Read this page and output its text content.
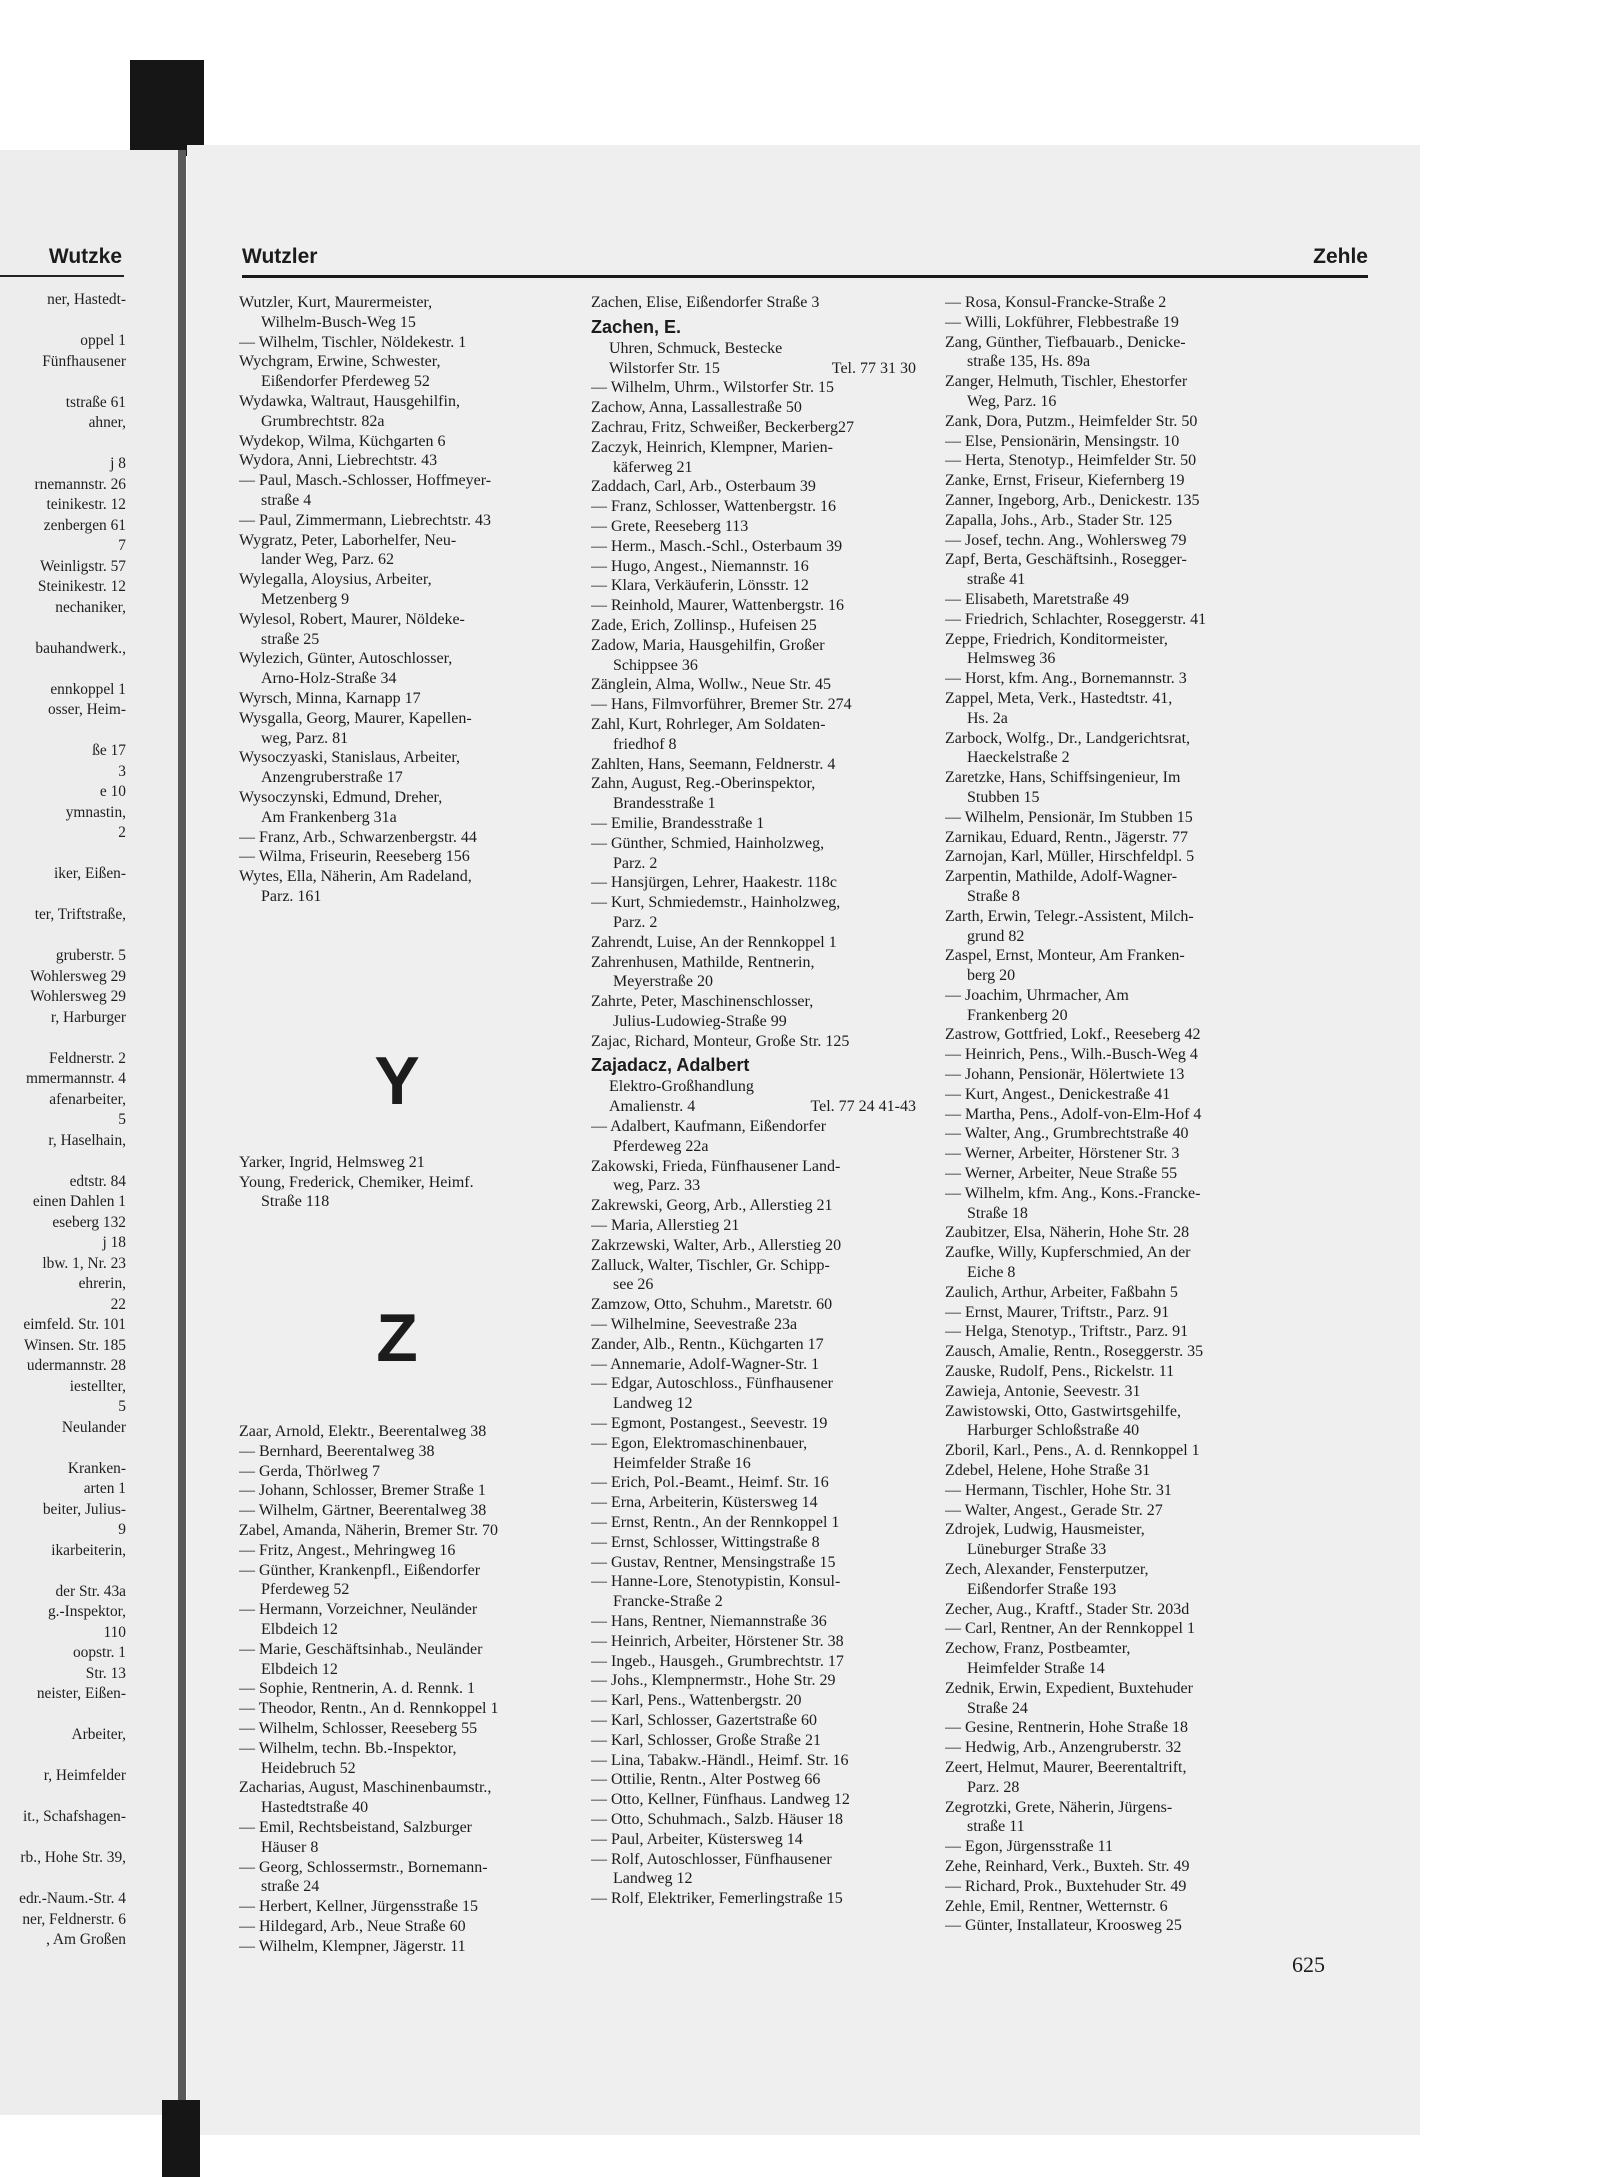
Wutzke
ner, Hastedt-
oppel 1
Fünfhausener
tstraße 61
ahner,
j 8
rnemannstr. 26
teinikestr. 12
zenbergen 61
7
Weinligstr. 57
Steinikestr. 12
nechaniker,
bauhandwerk.,
ennkoppel 1
osser, Heim-
ße 17
3
e 10
ymnastin,
2
iker, Eißen-
ter, Triftstraße,
gruberstr. 5
Wohlersweg 29
Wohlersweg 29
r, Harburger
Feldnerstr. 2
mmermannstr. 4
afenarbeiter,
5
r, Haselhain,
edtstr. 84
einen Dahlen 1
eseberg 132
j 18
lbw. 1, Nr. 23
ehrerin,
22
eimfeld. Str. 101
Winsen. Str. 185
udermannstr. 28
iestellter,
5
Neulander
Kranken-
arten 1
beiter, Julius-
9
ikarbeiterin,
der Str. 43a
g.-Inspektor,
110
oopstr. 1
Str. 13
neister, Eißen-
Arbeiter,
r, Heimfelder
it., Schafshagen-
rb., Hohe Str. 39,
edr.-Naum.-Str. 4
ner, Feldnerstr. 6
, Am Großen
Wutzler	Zehle
Wutzler, Kurt, Maurermeister,
Wilhelm-Busch-Weg 15
— Wilhelm, Tischler, Nöldekestr. 1
Wychgram, Erwine, Schwester,
Eißendorfer Pferdeweg 52
Wydawka, Waltraut, Hausgehilfin,
Grumbrechtstr. 82a
Wydekop, Wilma, Küchgarten 6
Wydora, Anni, Liebrechtstr. 43
— Paul, Masch.-Schlosser, Hoffmeyer-
straße 4
— Paul, Zimmermann, Liebrechtstr. 43
Wygratz, Peter, Laborhelfer, Neu-
lander Weg, Parz. 62
Wylegalla, Aloysius, Arbeiter,
Metzenberg 9
Wylesol, Robert, Maurer, Nöldeke-
straße 25
Wylezich, Günter, Autoschlosser,
Arno-Holz-Straße 34
Wyrsch, Minna, Karnapp 17
Wysgalla, Georg, Maurer, Kapellen-
weg, Parz. 81
Wysoczyaski, Stanislaus, Arbeiter,
Anzengruberstraße 17
Wysoczynski, Edmund, Dreher,
Am Frankenberg 31a
— Franz, Arb., Schwarzenbergstr. 44
— Wilma, Friseurin, Reeseberg 156
Wytes, Ella, Näherin, Am Radeland,
Parz. 161
Y
Yarker, Ingrid, Helmsweg 21
Young, Frederick, Chemiker, Heimf.
Straße 118
Z
Zaar, Arnold, Elektr., Beerentalweg 38
— Bernhard, Beerentalweg 38
— Gerda, Thörlweg 7
— Johann, Schlosser, Bremer Straße 1
— Wilhelm, Gärtner, Beerentalweg 38
Zabel, Amanda, Näherin, Bremer Str. 70
— Fritz, Angest., Mehringweg 16
— Günther, Krankenpfl., Eißendorfer
Pferdeweg 52
— Hermann, Vorzeichner, Neuländer
Elbdeich 12
— Marie, Geschäftsinhab., Neuländer
Elbdeich 12
— Sophie, Rentnerin, A. d. Rennk. 1
— Theodor, Rentn., An d. Rennkoppel 1
— Wilhelm, Schlosser, Reeseberg 55
— Wilhelm, techn. Bb.-Inspektor,
Heidebruch 52
Zacharias, August, Maschinenbaumstr.,
Hastedtstraße 40
— Emil, Rechtsbeistand, Salzburger
Häuser 8
— Georg, Schlossermstr., Bornemann-
straße 24
— Herbert, Kellner, Jürgensstraße 15
— Hildegard, Arb., Neue Straße 60
— Wilhelm, Klempner, Jägerstr. 11
Zachen, Elise, Eißendorfer Straße 3
Zachen, E.
Uhren, Schmuck, Bestecke
Wilstorfer Str. 15	Tel. 77 31 30
— Wilhelm, Uhrm., Wilstorfer Str. 15
Zachow, Anna, Lassallestraße 50
Zachrau, Fritz, Schweißer, Beckerberg27
Zaczyk, Heinrich, Klempner, Marien-
käferweg 21
Zaddach, Carl, Arb., Osterbaum 39
— Franz, Schlosser, Wattenbergstr. 16
— Grete, Reeseberg 113
— Herm., Masch.-Schl., Osterbaum 39
— Hugo, Angest., Niemannstr. 16
— Klara, Verkäuferin, Lönsstr. 12
— Reinhold, Maurer, Wattenbergstr. 16
Zade, Erich, Zollinsp., Hufeisen 25
Zadow, Maria, Hausgehilfin, Großer
Schippsee 36
Zänglein, Alma, Wollw., Neue Str. 45
— Hans, Filmvorführer, Bremer Str. 274
Zahl, Kurt, Rohrleger, Am Soldaten-
friedhof 8
Zahlten, Hans, Seemann, Feldnerstr. 4
Zahn, August, Reg.-Oberinspektor,
Brandesstraße 1
— Emilie, Brandesstraße 1
— Günther, Schmied, Hainholzweg,
Parz. 2
— Hansjürgen, Lehrer, Haakestr. 118c
— Kurt, Schmiedemstr., Hainholzweg,
Parz. 2
Zahrendt, Luise, An der Rennkoppel 1
Zahrenhusen, Mathilde, Rentnerin,
Meyerstraße 20
Zahrte, Peter, Maschinenschlosser,
Julius-Ludowieg-Straße 99
Zajac, Richard, Monteur, Große Str. 125
Zajadacz, Adalbert
Elektro-Großhandlung
Amalienstr. 4	Tel. 77 24 41-43
— Adalbert, Kaufmann, Eißendorfer
Pferdeweg 22a
Zakowski, Frieda, Fünfhausener Land-
weg, Parz. 33
Zakrewski, Georg, Arb., Allerstieg 21
— Maria, Allerstieg 21
Zakrzewski, Walter, Arb., Allerstieg 20
Zalluck, Walter, Tischler, Gr. Schipp-
see 26
Zamzow, Otto, Schuhm., Maretstr. 60
— Wilhelmine, Seevestraße 23a
Zander, Alb., Rentn., Küchgarten 17
— Annemarie, Adolf-Wagner-Str. 1
— Edgar, Autoschloss., Fünfhausener
Landweg 12
— Egmont, Postangest., Seevestr. 19
— Egon, Elektromaschinenbauer,
Heimfelder Straße 16
— Erich, Pol.-Beamt., Heimf. Str. 16
— Erna, Arbeiterin, Küstersweg 14
— Ernst, Rentn., An der Rennkoppel 1
— Ernst, Schlosser, Wittingstraße 8
— Gustav, Rentner, Mensingstraße 15
— Hanne-Lore, Stenotypistin, Konsul-
Francke-Straße 2
— Hans, Rentner, Niemannstraße 36
— Heinrich, Arbeiter, Hörstener Str. 38
— Ingeb., Hausgeh., Grumbrechtstr. 17
— Johs., Klempnermstr., Hohe Str. 29
— Karl, Pens., Wattenbergstr. 20
— Karl, Schlosser, Gazertstraße 60
— Karl, Schlosser, Große Straße 21
— Lina, Tabakw.-Händl., Heimf. Str. 16
— Ottilie, Rentn., Alter Postweg 66
— Otto, Kellner, Fünfhaus. Landweg 12
— Otto, Schuhmach., Salzb. Häuser 18
— Paul, Arbeiter, Küstersweg 14
— Rolf, Autoschlosser, Fünfhausener
Landweg 12
— Rolf, Elektriker, Femerlingstraße 15
— Rosa, Konsul-Francke-Straße 2
— Willi, Lokführer, Flebbestraße 19
Zang, Günther, Tiefbauarb., Denicke-
straße 135, Hs. 89a
Zanger, Helmuth, Tischler, Ehestorfer
Weg, Parz. 16
Zank, Dora, Putzm., Heimfelder Str. 50
— Else, Pensionärin, Mensingstr. 10
— Herta, Stenotyp., Heimfelder Str. 50
Zanke, Ernst, Friseur, Kiefernberg 19
Zanner, Ingeborg, Arb., Denickestr. 135
Zapalla, Johs., Arb., Stader Str. 125
— Josef, techn. Ang., Wohlersweg 79
Zapf, Berta, Geschäftsinh., Rosegger-
straße 41
— Elisabeth, Maretstraße 49
— Friedrich, Schlachter, Roseggerstr. 41
Zeppe, Friedrich, Konditormeister,
Helmsweg 36
— Horst, kfm. Ang., Bornemannstr. 3
Zappel, Meta, Verk., Hastedtstr. 41,
Hs. 2a
Zarbock, Wolfg., Dr., Landgerichtsrat,
Haeckelstraße 2
Zaretzke, Hans, Schiffsingenieur, Im
Stubben 15
— Wilhelm, Pensionär, Im Stubben 15
Zarnikau, Eduard, Rentn., Jägerstr. 77
Zarnojan, Karl, Müller, Hirschfeldpl. 5
Zarpentin, Mathilde, Adolf-Wagner-
Straße 8
Zarth, Erwin, Telegr.-Assistent, Milch-
grund 82
Zaspel, Ernst, Monteur, Am Franken-
berg 20
— Joachim, Uhrmacher, Am
Frankenberg 20
Zastrow, Gottfried, Lokf., Reeseberg 42
— Heinrich, Pens., Wilh.-Busch-Weg 4
— Johann, Pensionär, Hölertwiete 13
— Kurt, Angest., Denickestraße 41
— Martha, Pens., Adolf-von-Elm-Hof 4
— Walter, Ang., Grumbrechtstraße 40
— Werner, Arbeiter, Hörstener Str. 3
— Werner, Arbeiter, Neue Straße 55
— Wilhelm, kfm. Ang., Kons.-Francke-
Straße 18
Zaubitzer, Elsa, Näherin, Hohe Str. 28
Zaufke, Willy, Kupferschmied, An der
Eiche 8
Zaulich, Arthur, Arbeiter, Faßbahn 5
— Ernst, Maurer, Triftstr., Parz. 91
— Helga, Stenotyp., Triftstr., Parz. 91
Zausch, Amalie, Rentn., Roseggerstr. 35
Zauske, Rudolf, Pens., Rickelstr. 11
Zawieja, Antonie, Seevestr. 31
Zawistowski, Otto, Gastwirtsgehilfe,
Harburger Schloßstraße 40
Zboril, Karl., Pens., A. d. Rennkoppel 1
Zdebel, Helene, Hohe Straße 31
— Hermann, Tischler, Hohe Str. 31
— Walter, Angest., Gerade Str. 27
Zdrojek, Ludwig, Hausmeister,
Lüneburger Straße 33
Zech, Alexander, Fensterputzer,
Eißendorfer Straße 193
Zecher, Aug., Kraftf., Stader Str. 203d
— Carl, Rentner, An der Rennkoppel 1
Zechow, Franz, Postbeamter,
Heimfelder Straße 14
Zednik, Erwin, Expedient, Buxtehuder
Straße 24
— Gesine, Rentnerin, Hohe Straße 18
— Hedwig, Arb., Anzengruberstr. 32
Zeert, Helmut, Maurer, Beerentaltrift,
Parz. 28
Zegrotzki, Grete, Näherin, Jürgens-
straße 11
— Egon, Jürgensstraße 11
Zehe, Reinhard, Verk., Buxteh. Str. 49
— Richard, Prok., Buxtehuder Str. 49
Zehle, Emil, Rentner, Wetternstr. 6
— Günter, Installateur, Kroosweg 25
625
